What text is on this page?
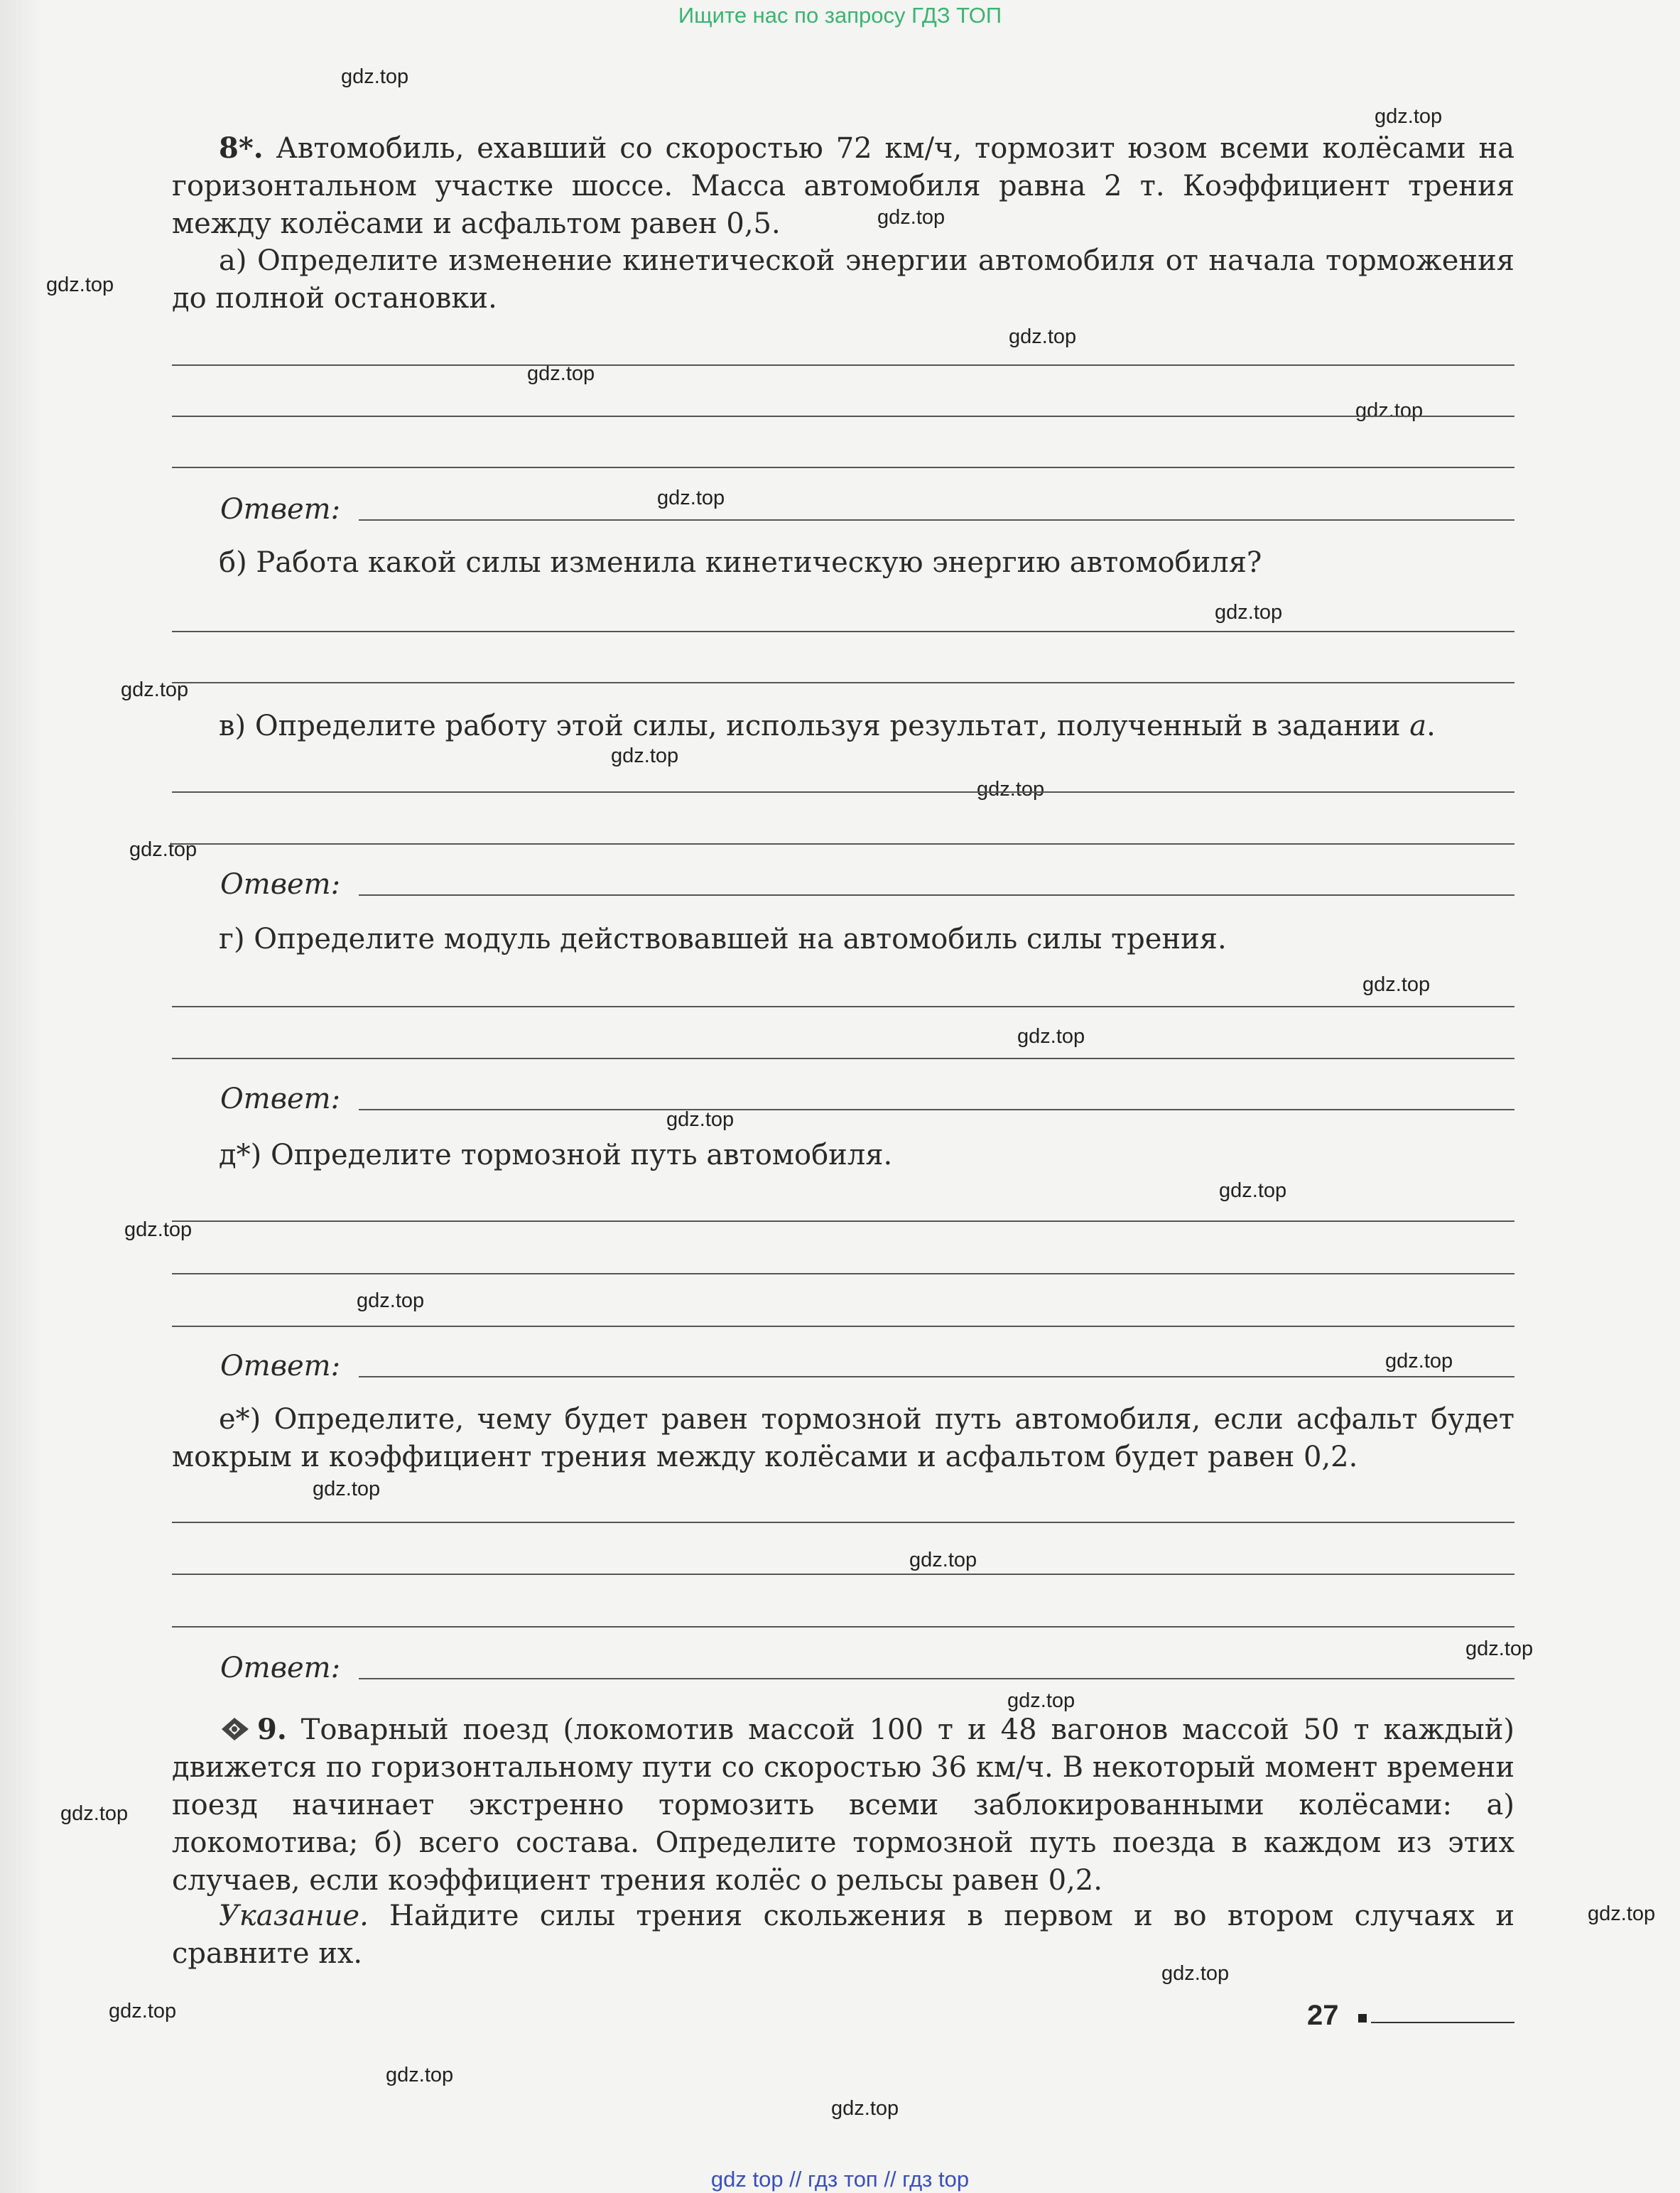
Ищите нас по запросу ГДЗ ТОП
gdz.top
gdz.top
gdz.top
gdz.top
gdz.top
gdz.top
gdz.top
gdz.top
gdz.top
gdz.top
gdz.top
gdz.top
gdz.top
gdz.top
gdz.top
gdz.top
gdz.top
gdz.top
gdz.top
gdz.top
gdz.top
gdz.top
gdz.top
gdz.top
gdz.top
gdz.top
gdz.top
gdz.top
gdz.top
gdz.top
8*. Автомобиль, ехавший со скоростью 72 км/ч, тормозит юзом всеми колёсами на горизонтальном участке шоссе. Масса автомобиля равна 2 т. Коэффициент трения между колёсами и асфальтом равен 0,5.
а) Определите изменение кинетической энергии автомобиля от начала торможения до полной остановки.
Ответ:
б) Работа какой силы изменила кинетическую энергию автомобиля?
в) Определите работу этой силы, используя результат, полученный в задании а.
Ответ:
г) Определите модуль действовавшей на автомобиль силы трения.
Ответ:
д*) Определите тормозной путь автомобиля.
Ответ:
е*) Определите, чему будет равен тормозной путь автомобиля, если асфальт будет мокрым и коэффициент трения между колёсами и асфальтом будет равен 0,2.
Ответ:
9. Товарный поезд (локомотив массой 100 т и 48 вагонов массой 50 т каждый) движется по горизонтальному пути со скоростью 36 км/ч. В некоторый момент времени поезд начинает экстренно тормозить всеми заблокированными колёсами: а) локомотива; б) всего состава. Определите тормозной путь поезда в каждом из этих случаев, если коэффициент трения колёс о рельсы равен 0,2.
Указание. Найдите силы трения скольжения в первом и во втором случаях и сравните их.
27
gdz top // гдз топ // гдз top
